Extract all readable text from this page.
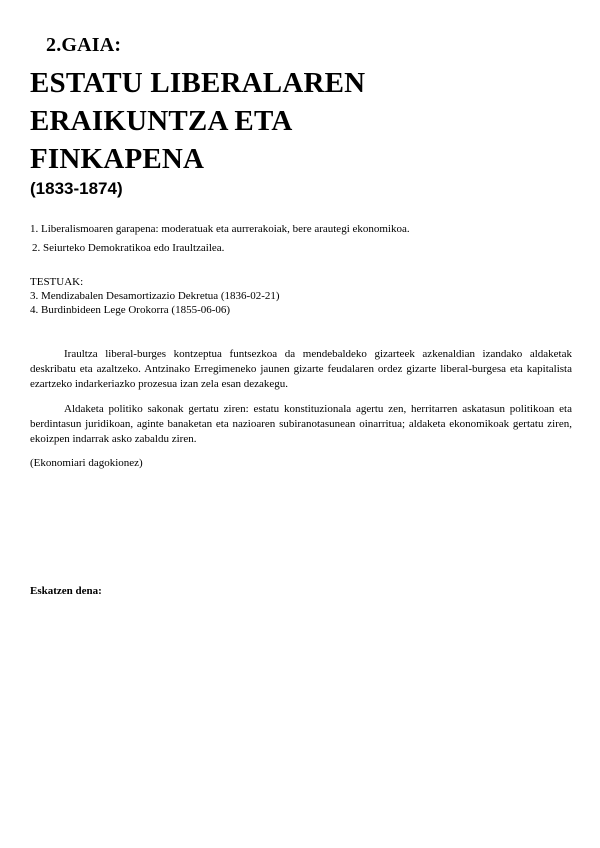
2.GAIA:
ESTATU LIBERALAREN
ERAIKUNTZA ETA
FINKAPENA
(1833-1874)
1. Liberalismoaren garapena: moderatuak eta aurrerakoiak, bere arautegi ekonomikoa.
2. Seiurteko Demokratikoa edo Iraultzailea.
TESTUAK:
3. Mendizabalen Desamortizazio Dekretua (1836-02-21)
4. Burdinbideen Lege Orokorra (1855-06-06)

Iraultza liberal-burges kontzeptua funtsezkoa da mendebaldeko gizarteek azkenaldian izandako aldaketak deskribatu eta azaltzeko. Antzinako Erregimeneko jaunen gizarte feudalaren ordez gizarte liberal-burgesa eta kapitalista ezartzeko indarkeriazko prozesua izan zela esan dezakegu.

Aldaketa politiko sakonak gertatu ziren: estatu konstituzionala agertu zen, herritarren askatasun politikoan eta berdintasun juridikoan, aginte banaketan eta nazioaren subiranotasunean oinarritua; aldaketa ekonomikoak gertatu ziren, ekoizpen indarrak asko zabaldu ziren.

(Ekonomiari dagokionez)
Eskatzen dena:
